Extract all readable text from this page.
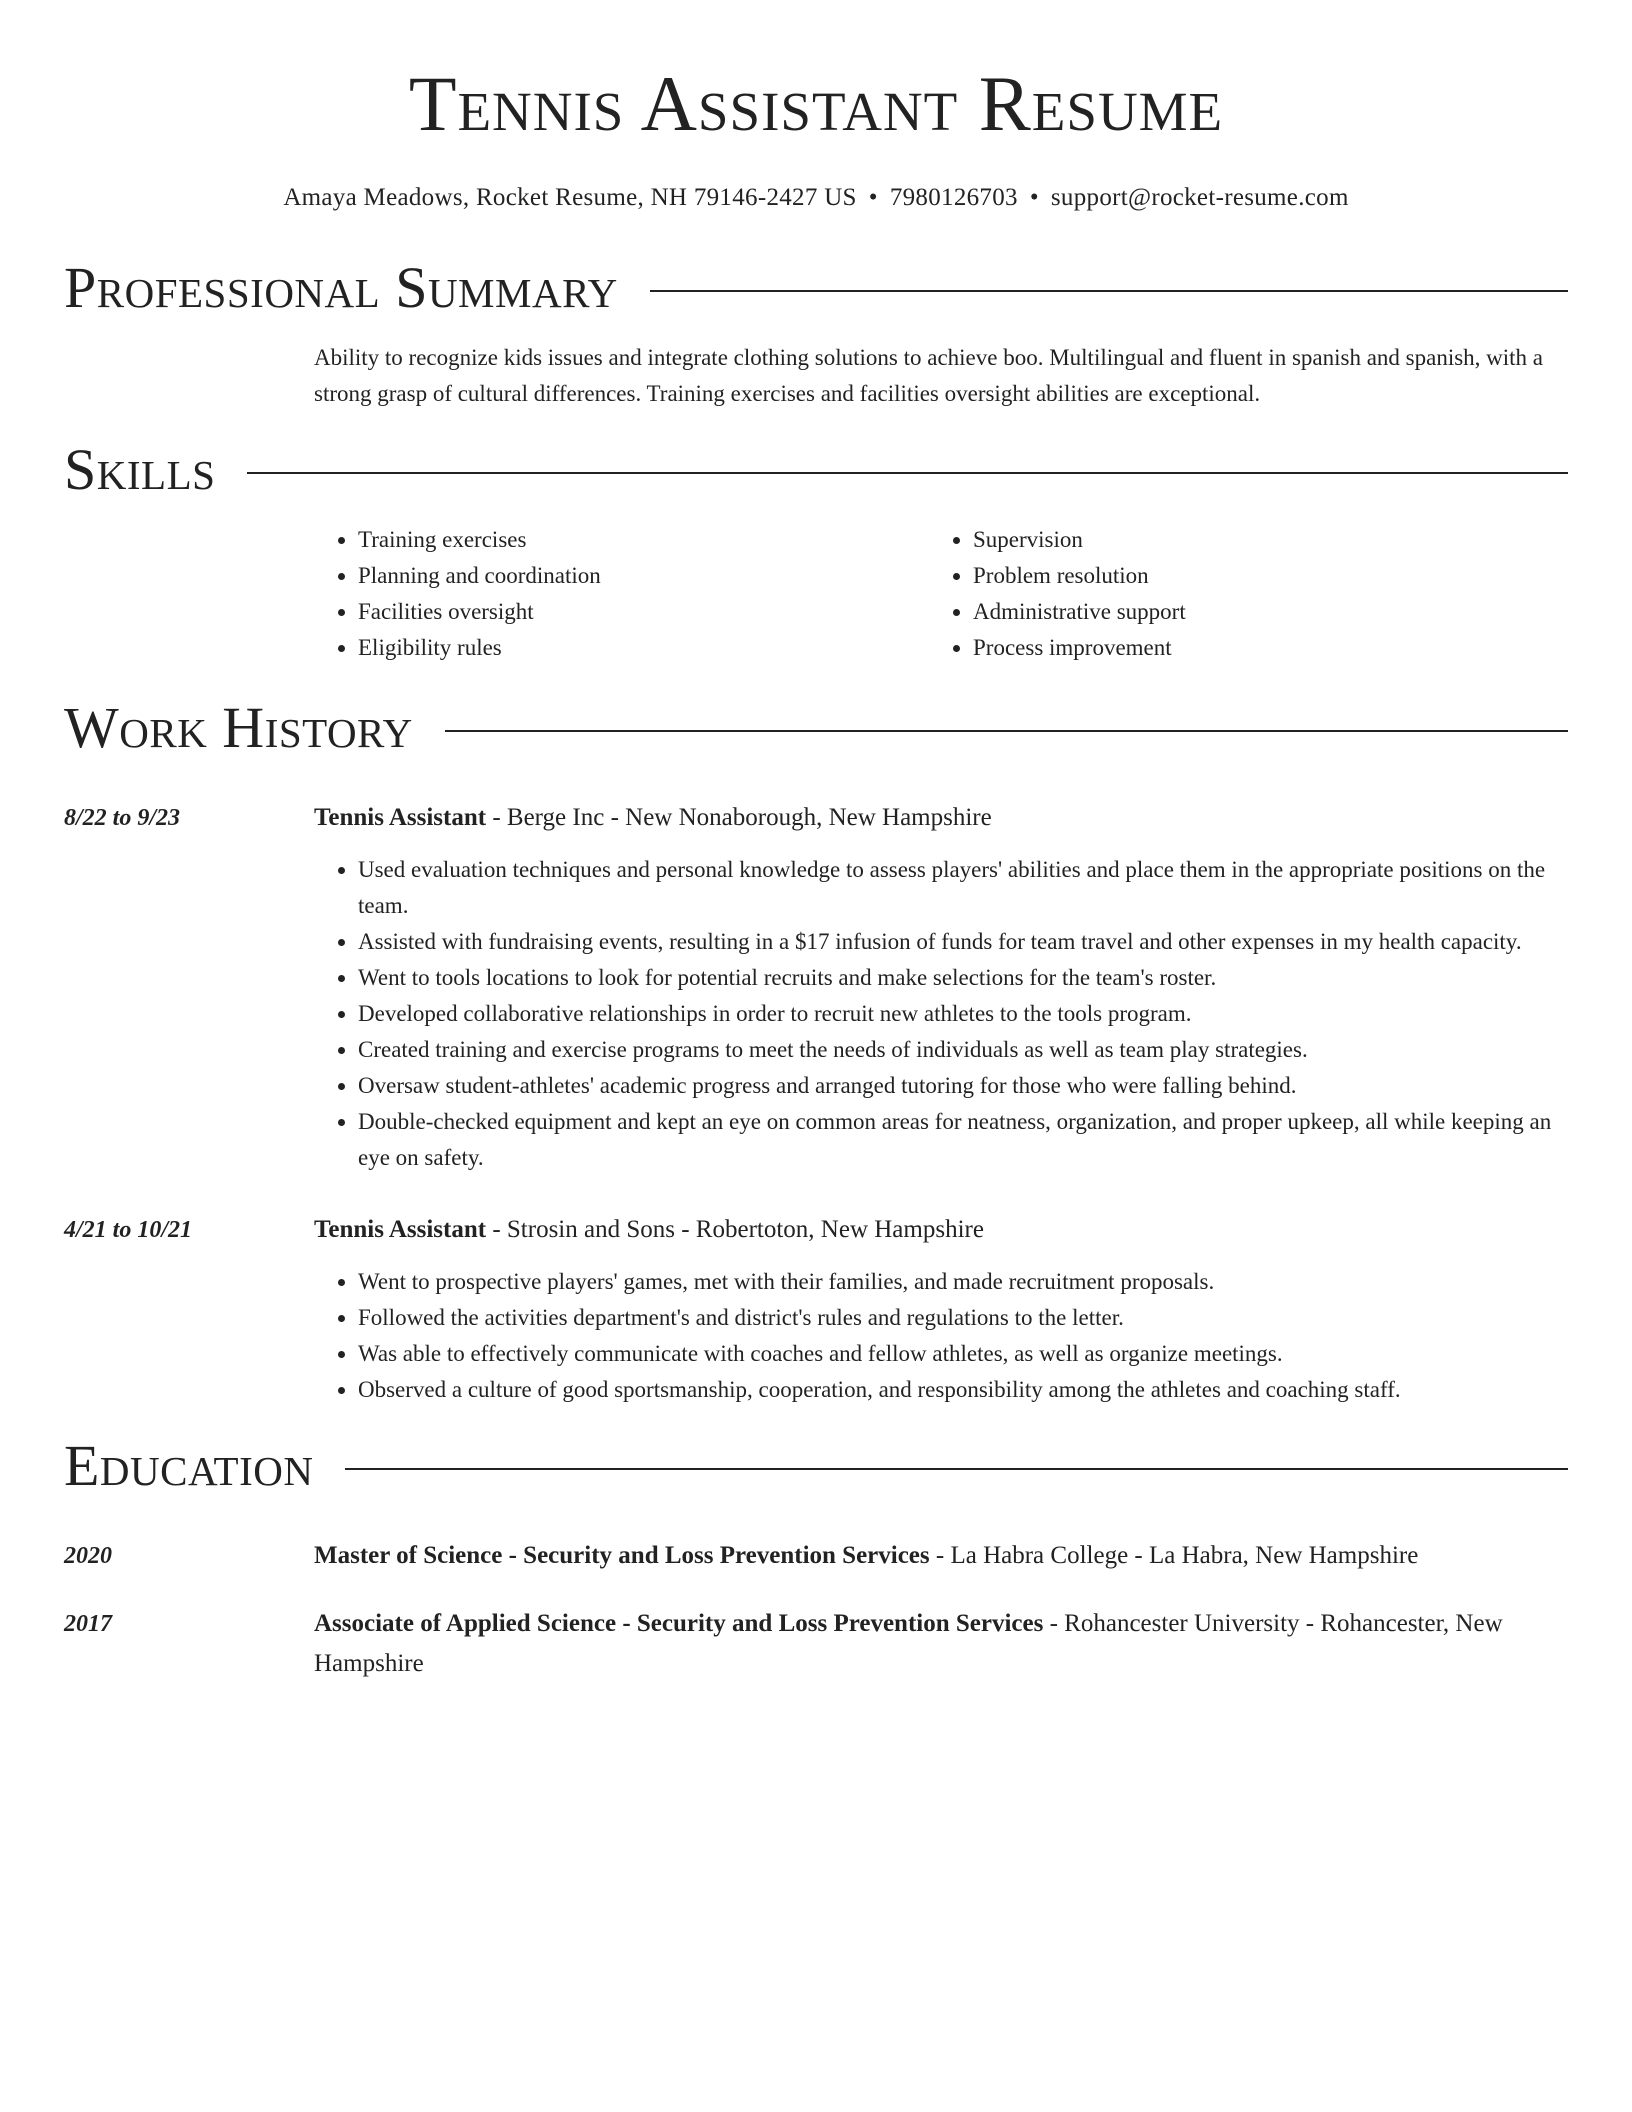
Tennis Assistant Resume
Amaya Meadows, Rocket Resume, NH 79146-2427 US • 7980126703 • support@rocket-resume.com
Professional Summary
Ability to recognize kids issues and integrate clothing solutions to achieve boo. Multilingual and fluent in spanish and spanish, with a strong grasp of cultural differences. Training exercises and facilities oversight abilities are exceptional.
Skills
• Training exercises
• Planning and coordination
• Facilities oversight
• Eligibility rules
• Supervision
• Problem resolution
• Administrative support
• Process improvement
Work History
8/22 to 9/23	Tennis Assistant - Berge Inc - New Nonaborough, New Hampshire
• Used evaluation techniques and personal knowledge to assess players' abilities and place them in the appropriate positions on the team.
• Assisted with fundraising events, resulting in a $17 infusion of funds for team travel and other expenses in my health capacity.
• Went to tools locations to look for potential recruits and make selections for the team's roster.
• Developed collaborative relationships in order to recruit new athletes to the tools program.
• Created training and exercise programs to meet the needs of individuals as well as team play strategies.
• Oversaw student-athletes' academic progress and arranged tutoring for those who were falling behind.
• Double-checked equipment and kept an eye on common areas for neatness, organization, and proper upkeep, all while keeping an eye on safety.
4/21 to 10/21	Tennis Assistant - Strosin and Sons - Robertoton, New Hampshire
• Went to prospective players' games, met with their families, and made recruitment proposals.
• Followed the activities department's and district's rules and regulations to the letter.
• Was able to effectively communicate with coaches and fellow athletes, as well as organize meetings.
• Observed a culture of good sportsmanship, cooperation, and responsibility among the athletes and coaching staff.
Education
2020	Master of Science - Security and Loss Prevention Services - La Habra College - La Habra, New Hampshire
2017	Associate of Applied Science - Security and Loss Prevention Services - Rohancester University - Rohancester, New Hampshire
